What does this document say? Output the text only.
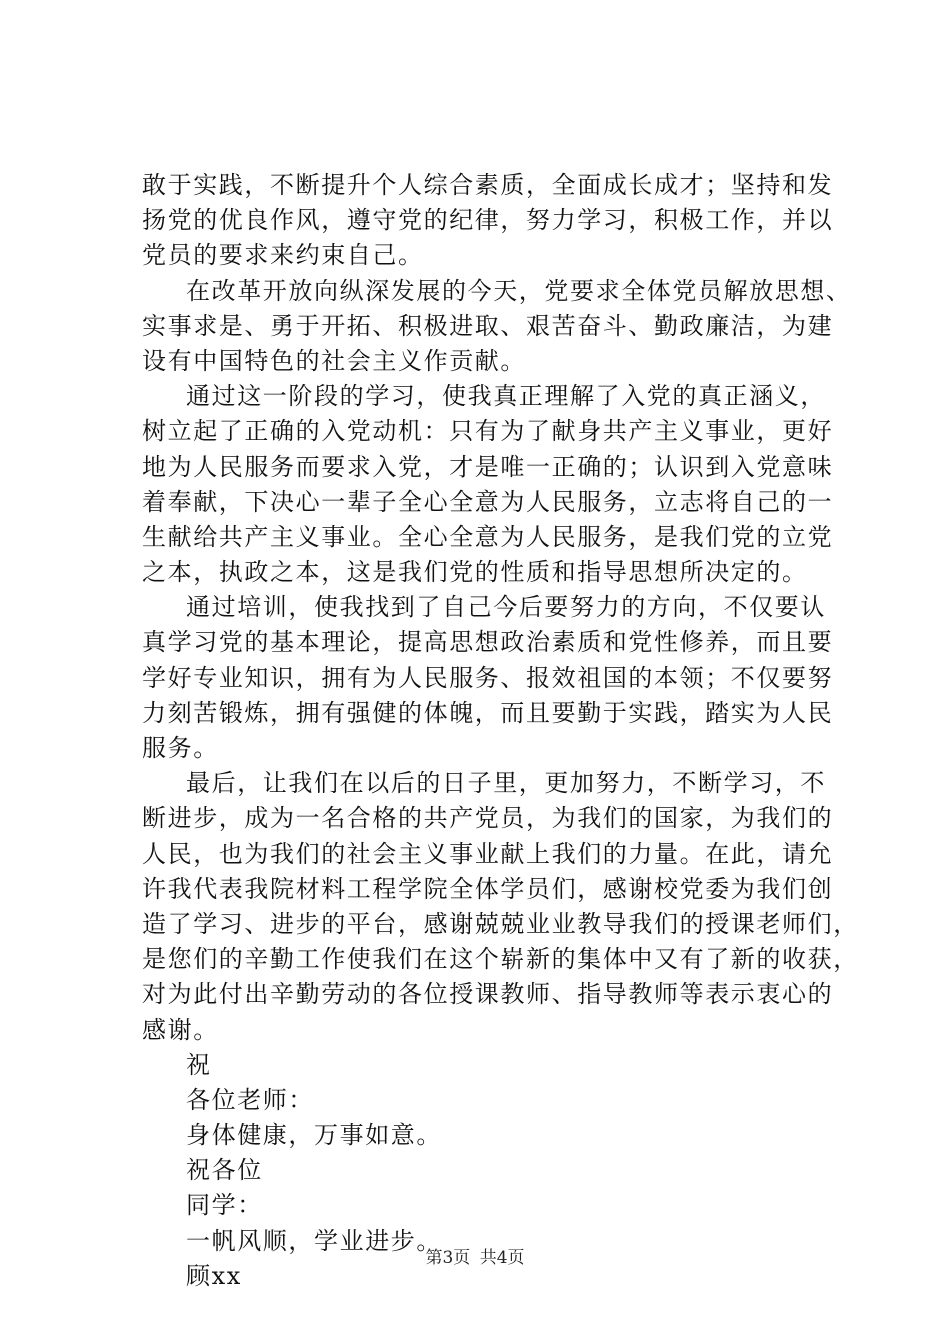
敢于实践，不断提升个人综合素质，全面成长成才；坚持和发
扬党的优良作风，遵守党的纪律，努力学习，积极工作，并以
党员的要求来约束自己。
在改革开放向纵深发展的今天，党要求全体党员解放思想、
实事求是、勇于开拓、积极进取、艰苦奋斗、勤政廉洁，为建
设有中国特色的社会主义作贡献。
通过这一阶段的学习，使我真正理解了入党的真正涵义，
树立起了正确的入党动机：只有为了献身共产主义事业，更好
地为人民服务而要求入党，才是唯一正确的；认识到入党意味
着奉献，下决心一辈子全心全意为人民服务，立志将自己的一
生献给共产主义事业。全心全意为人民服务，是我们党的立党
之本，执政之本，这是我们党的性质和指导思想所决定的。
通过培训，使我找到了自己今后要努力的方向，不仅要认
真学习党的基本理论，提高思想政治素质和党性修养，而且要
学好专业知识，拥有为人民服务、报效祖国的本领；不仅要努
力刻苦锻炼，拥有强健的体魄，而且要勤于实践，踏实为人民
服务。
最后，让我们在以后的日子里，更加努力，不断学习，不
断进步，成为一名合格的共产党员，为我们的国家，为我们的
人民，也为我们的社会主义事业献上我们的力量。在此，请允
许我代表我院材料工程学院全体学员们，感谢校党委为我们创
造了学习、进步的平台，感谢兢兢业业教导我们的授课老师们，
是您们的辛勤工作使我们在这个崭新的集体中又有了新的收获，
对为此付出辛勤劳动的各位授课教师、指导教师等表示衷心的
感谢。
祝
各位老师：
身体健康，万事如意。
祝各位
同学：
一帆风顺，学业进步。
顾xx
第3页 共4页
